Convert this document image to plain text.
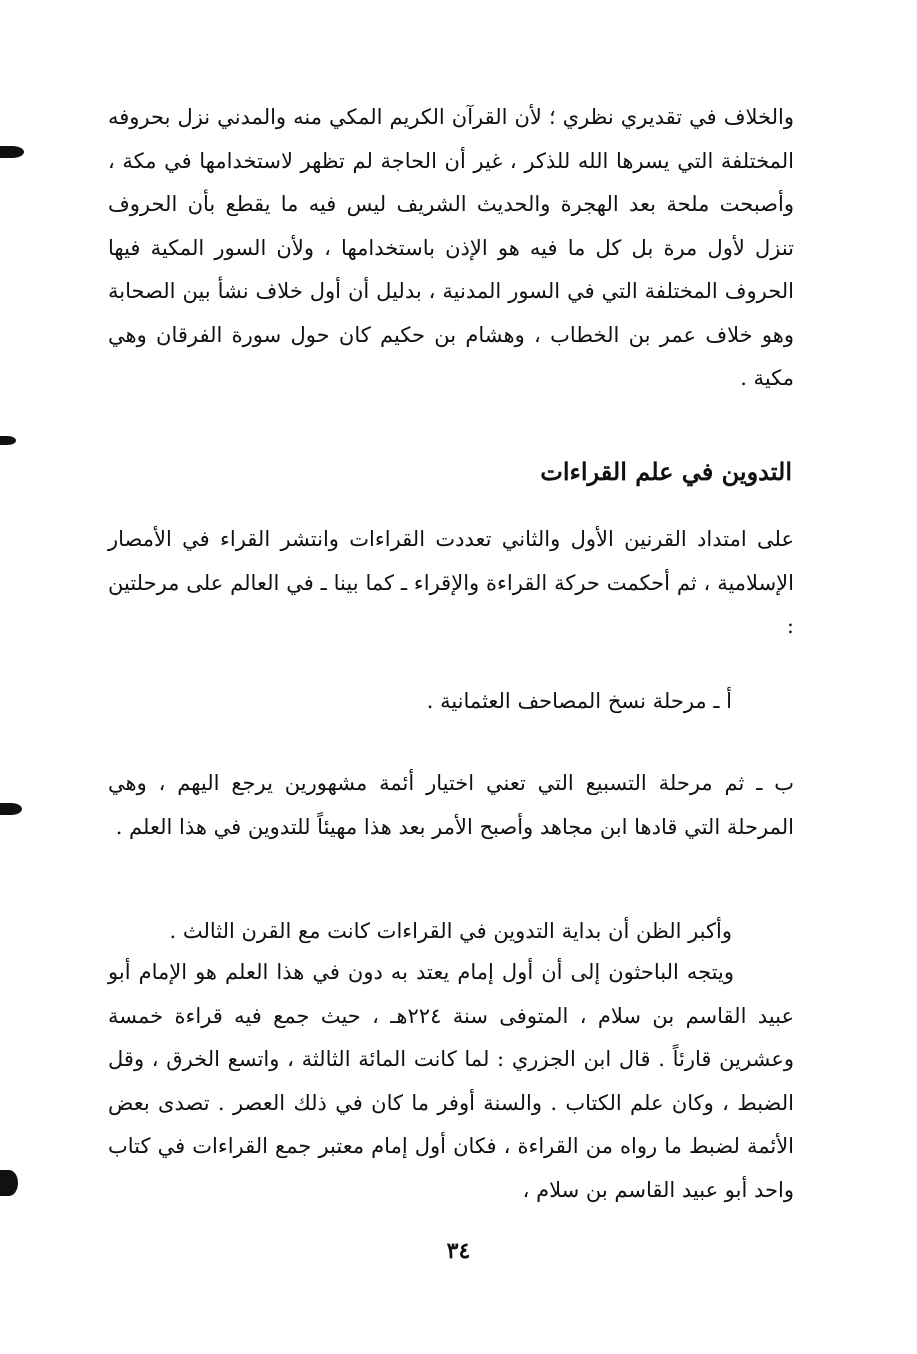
والخلاف في تقديري نظري ؛ لأن القرآن الكريم المكي منه والمدني نزل بحروفه المختلفة التي يسرها الله للذكر ، غير أن الحاجة لم تظهر لاستخدامها في مكة ، وأصبحت ملحة بعد الهجرة والحديث الشريف ليس فيه ما يقطع بأن الحروف تنزل لأول مرة بل كل ما فيه هو الإذن باستخدامها ، ولأن السور المكية فيها الحروف المختلفة التي في السور المدنية ، بدليل أن أول خلاف نشأ بين الصحابة وهو خلاف عمر بن الخطاب ، وهشام بن حكيم كان حول سورة الفرقان وهي مكية .

التدوين في علم القراءات

على امتداد القرنين الأول والثاني تعددت القراءات وانتشر القراء في الأمصار الإسلامية ، ثم أحكمت حركة القراءة والإقراء ـ كما بينا ـ في العالم على مرحلتين :

أ ـ مرحلة نسخ المصاحف العثمانية .

ب ـ ثم مرحلة التسبيع التي تعني اختيار أئمة مشهورين يرجع اليهم ، وهي المرحلة التي قادها ابن مجاهد وأصبح الأمر بعد هذا مهيئاً للتدوين في هذا العلم .

وأكبر الظن أن بداية التدوين في القراءات كانت مع القرن الثالث .

ويتجه الباحثون إلى أن أول إمام يعتد به دون في هذا العلم هو الإمام أبو عبيد القاسم بن سلام ، المتوفى سنة ٢٢٤هـ ، حيث جمع فيه قراءة خمسة وعشرين قارئاً . قال ابن الجزري : لما كانت المائة الثالثة ، واتسع الخرق ، وقل الضبط ، وكان علم الكتاب . والسنة أوفر ما كان في ذلك العصر . تصدى بعض الأئمة لضبط ما رواه من القراءة ، فكان أول إمام معتبر جمع القراءات في كتاب واحد أبو عبيد القاسم بن سلام ،

٣٤
